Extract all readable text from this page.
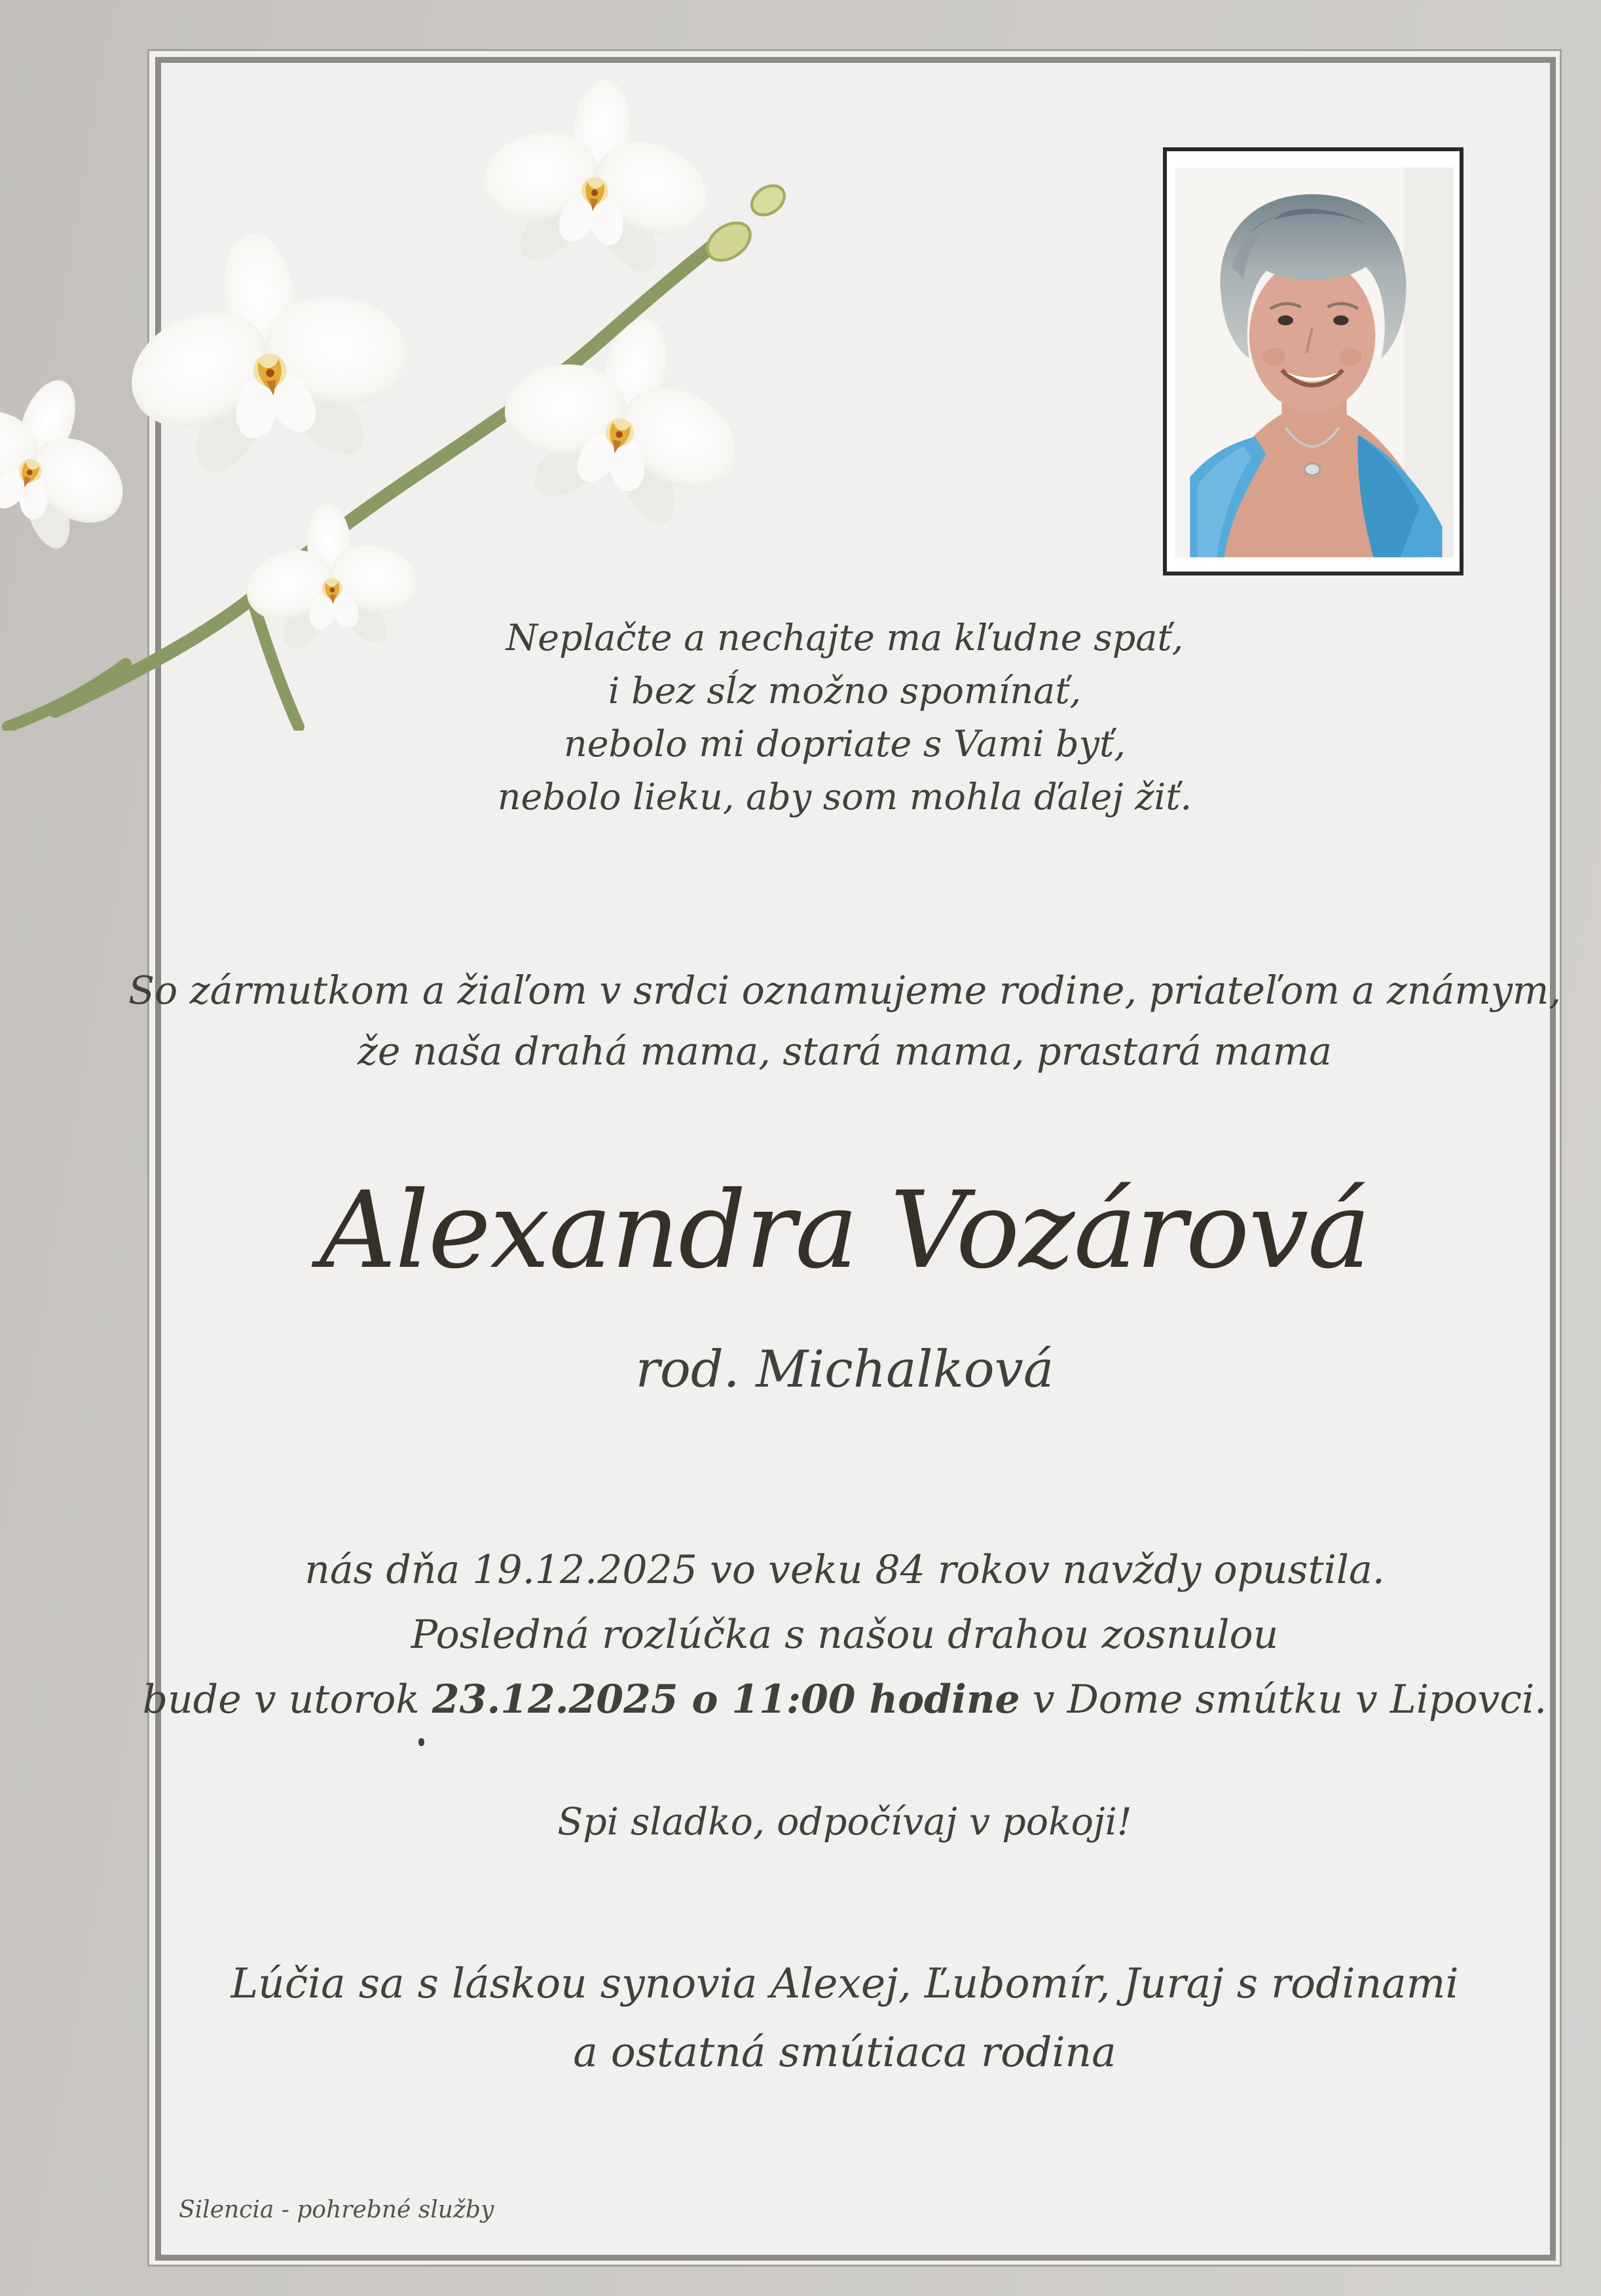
Neplačte a nechajte ma kľudne spať,
i bez sĺz možno spomínať,
nebolo mi dopriate s Vami byť,
nebolo lieku, aby som mohla ďalej žiť.
So zármutkom a žiaľom v srdci oznamujeme rodine, priateľom a známym,
že naša drahá mama, stará mama, prastará mama
Alexandra Vozárová
rod. Michalková
nás dňa 19.12.2025 vo veku 84 rokov navždy opustila.
Posledná rozlúčka s našou drahou zosnulou
bude v utorok 23.12.2025 o 11:00 hodine v Dome smútku v Lipovci.
Spi sladko, odpočívaj v pokoji!
Lúčia sa s láskou synovia Alexej, Ľubomír, Juraj s rodinami
a ostatná smútiaca rodina
Silencia - pohrebné služby
